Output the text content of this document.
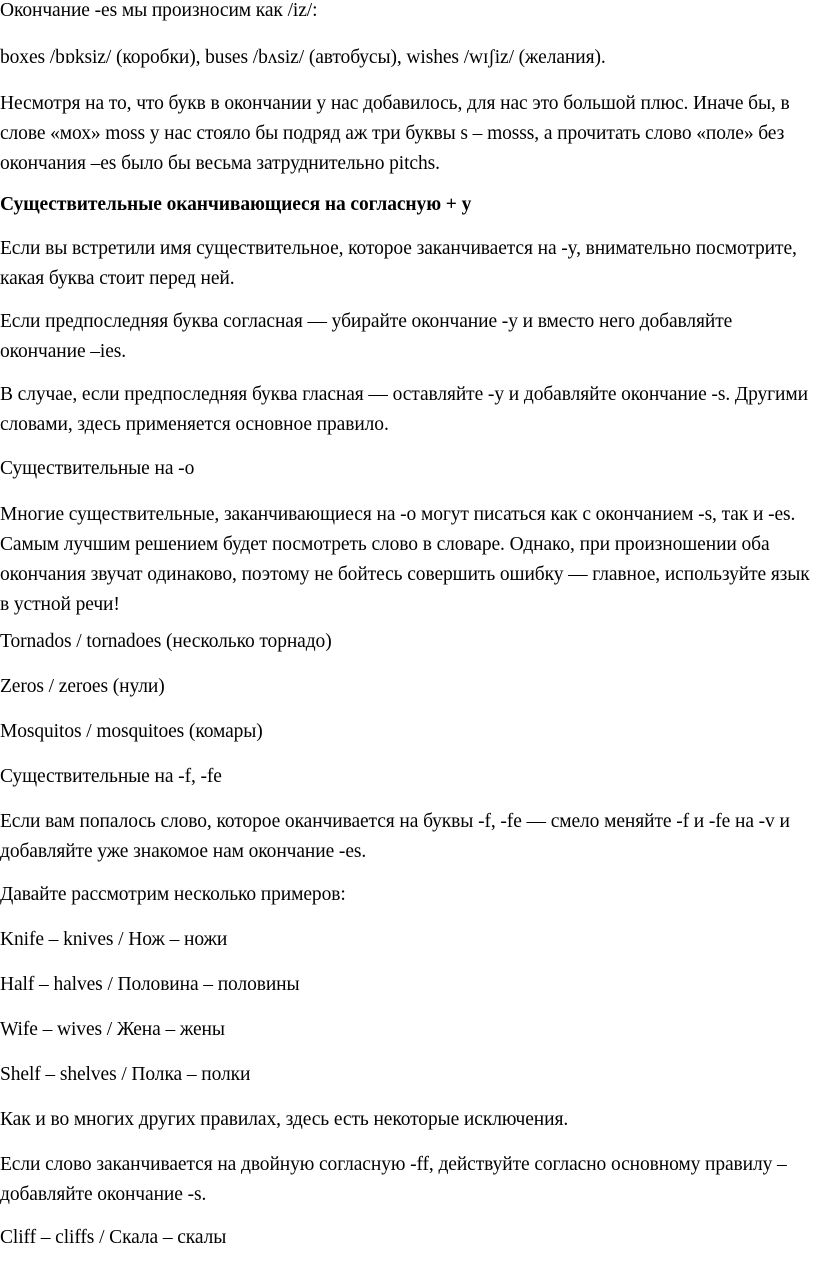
Окончание -es мы произносим как /iz/:

boxes /bɒksiz/ (коробки), buses /bʌsiz/ (автобусы), wishes /wɪʃiz/ (желания).

Несмотря на то, что букв в окончании у нас добавилось, для нас это большой плюс. Иначе бы, в слове «мох» moss у нас стояло бы подряд аж три буквы s – mosss, а прочитать слово «поле» без окончания –es было бы весьма затруднительно pitchs.

Существительные оканчивающиеся на согласную + y

Если вы встретили имя существительное, которое заканчивается на -y, внимательно посмотрите, какая буква стоит перед ней.

Если предпоследняя буква согласная — убирайте окончание -y и вместо него добавляйте окончание –ies.

В случае, если предпоследняя буква гласная — оставляйте -y и добавляйте окончание -s. Другими словами, здесь применяется основное правило.

Существительные на -o

Многие существительные, заканчивающиеся на -o могут писаться как с окончанием -s, так и -es. Самым лучшим решением будет посмотреть слово в словаре. Однако, при произношении оба окончания звучат одинаково, поэтому не бойтесь совершить ошибку — главное, используйте язык в устной речи!

Tornados / tornadoes (несколько торнадо)

Zeros / zeroes (нули)

Mosquitos / mosquitoes (комары)

Существительные на -f, -fe

Если вам попалось слово, которое оканчивается на буквы -f, -fe — смело меняйте -f и -fe на -v и добавляйте уже знакомое нам окончание -es.

Давайте рассмотрим несколько примеров:

Knife – knives / Нож – ножи

Half – halves / Половина – половины

Wife – wives / Жена – жены

Shelf – shelves / Полка – полки

Как и во многих других правилах, здесь есть некоторые исключения.

Если слово заканчивается на двойную согласную -ff, действуйте согласно основному правилу – добавляйте окончание -s.

Cliff – cliffs / Скала – скалы
